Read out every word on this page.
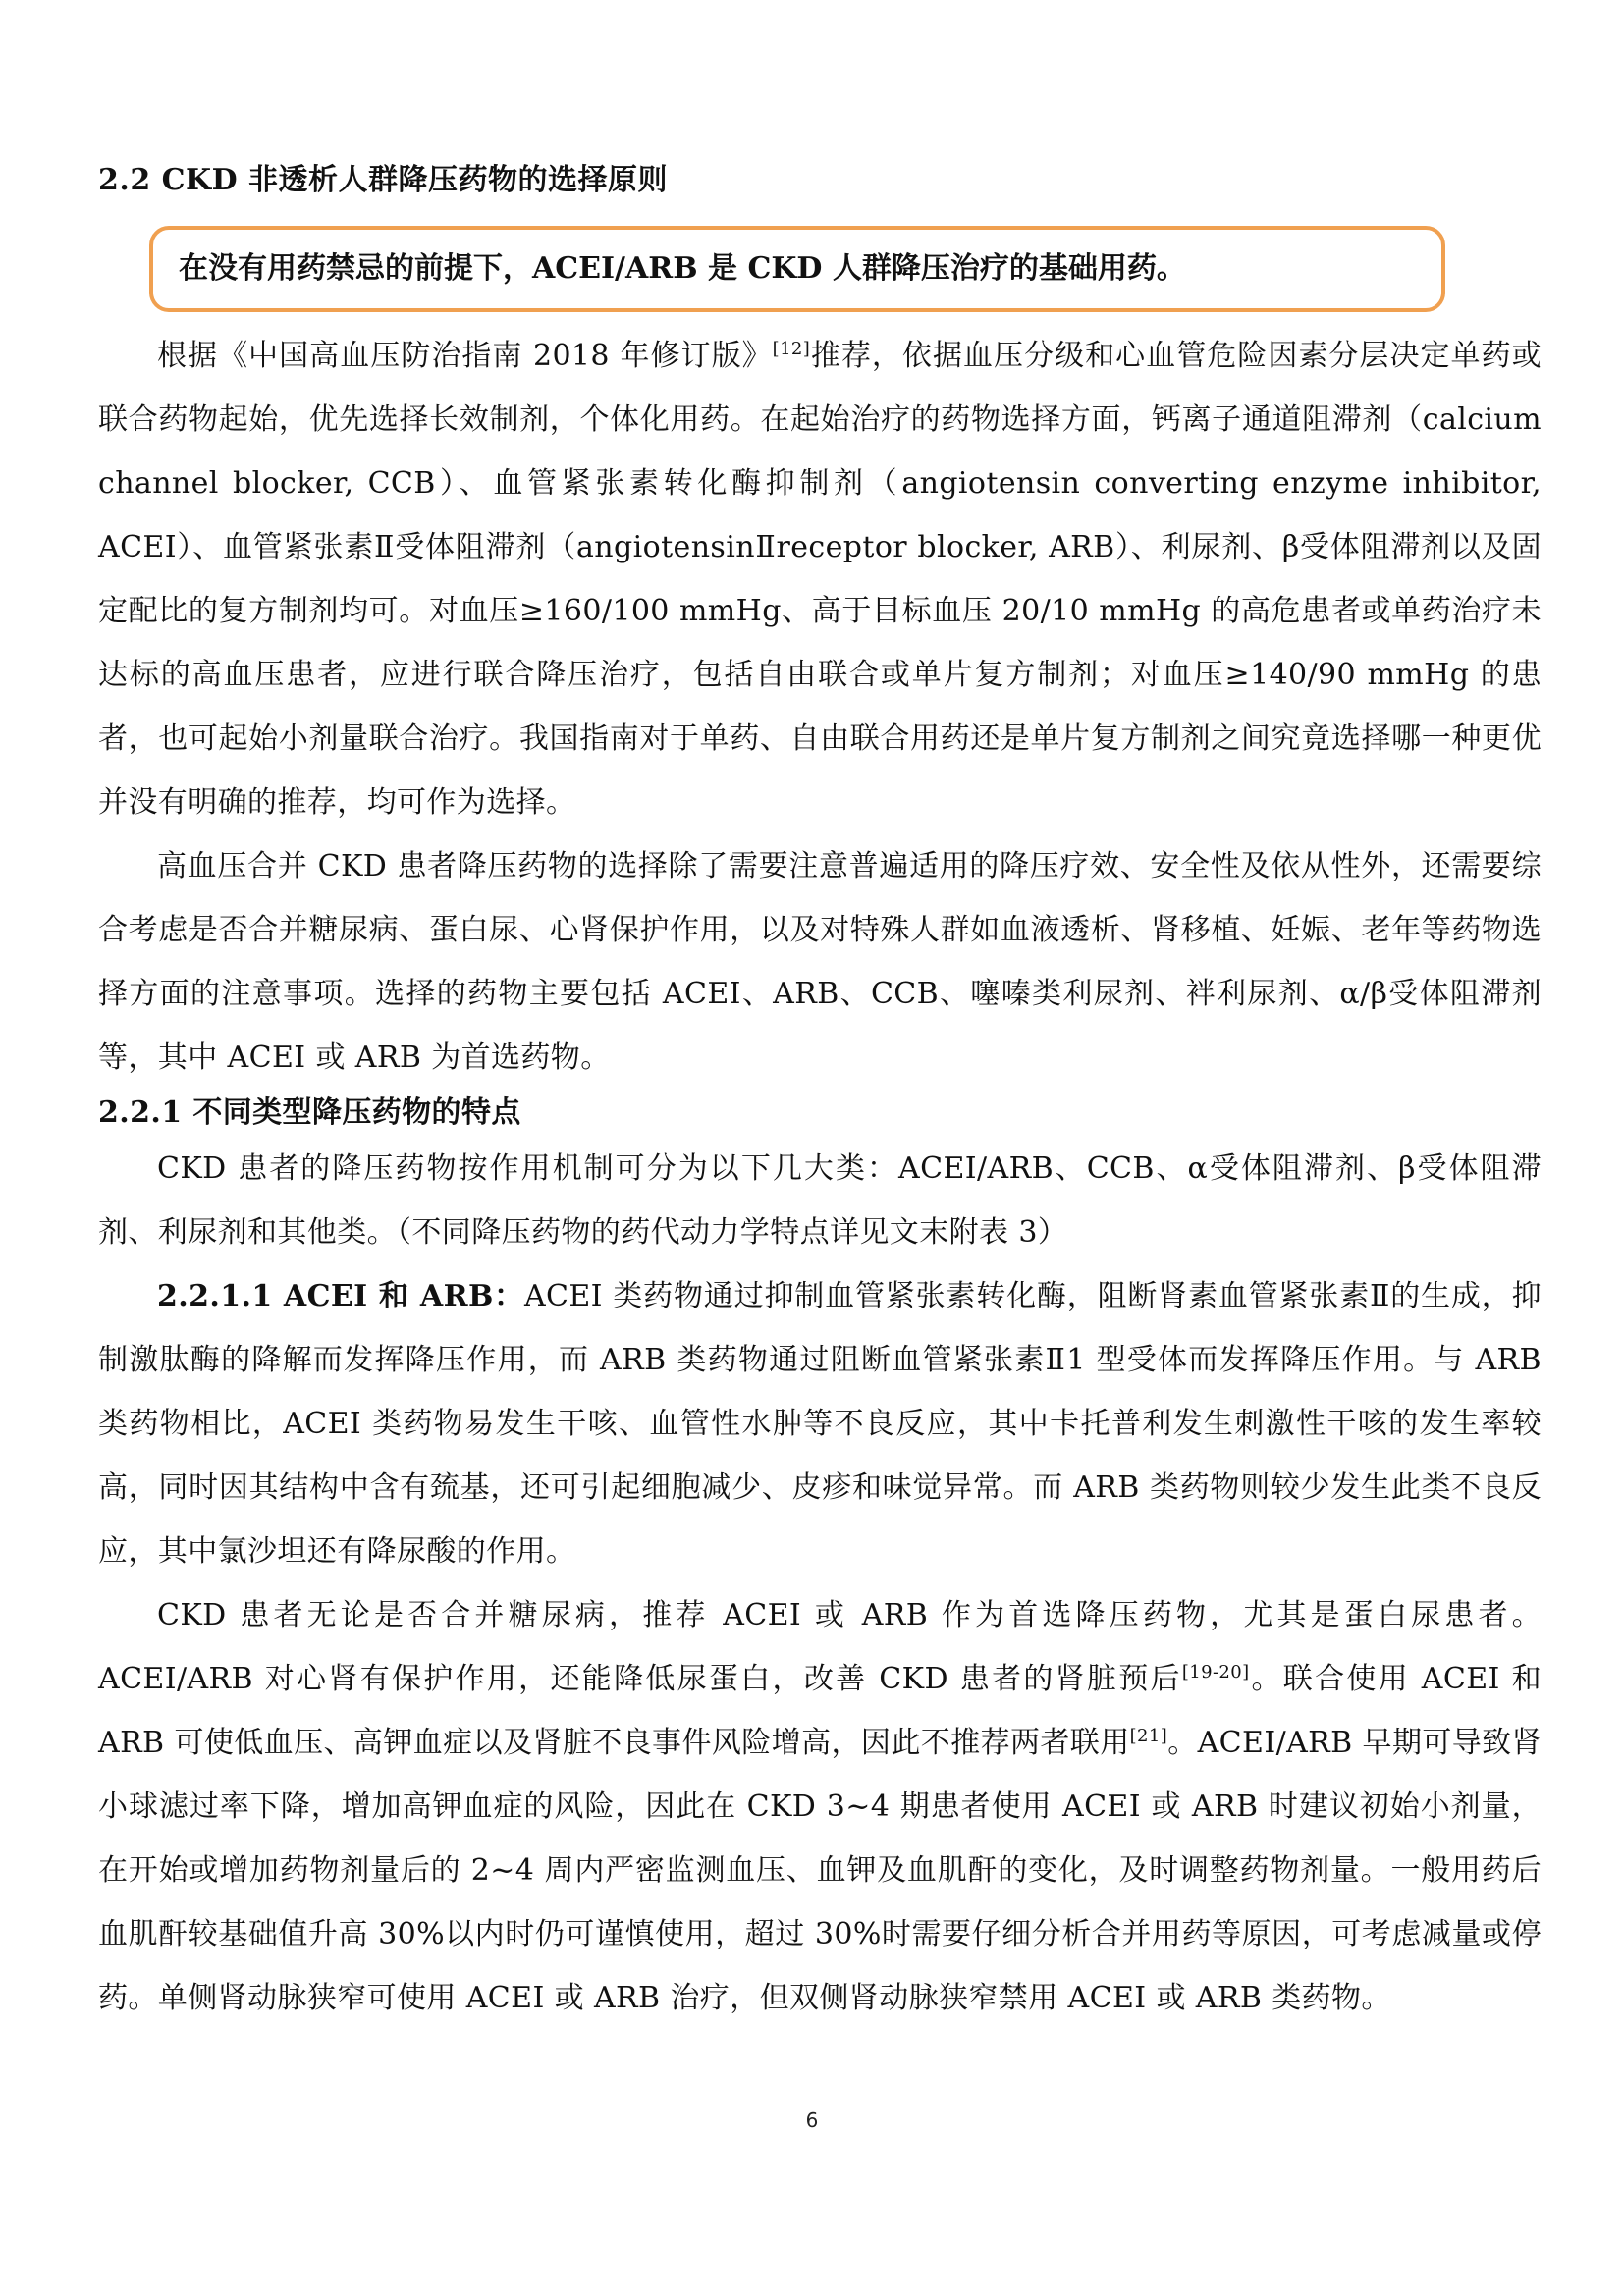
2.2 CKD 非透析人群降压药物的选择原则
在没有用药禁忌的前提下，ACEI/ARB 是 CKD 人群降压治疗的基础用药。

根据《中国高血压防治指南 2018 年修订版》[12]推荐，依据血压分级和心血管危险因素分层决定单药或联合药物起始，优先选择长效制剂，个体化用药。在起始治疗的药物选择方面，钙离子通道阻滞剂（calcium channel blocker, CCB）、血管紧张素转化酶抑制剂（angiotensin converting enzyme inhibitor, ACEI）、血管紧张素Ⅱ受体阻滞剂（angiotensinⅡreceptor blocker, ARB）、利尿剂、β受体阻滞剂以及固定配比的复方制剂均可。对血压≥160/100 mmHg、高于目标血压 20/10 mmHg 的高危患者或单药治疗未达标的高血压患者，应进行联合降压治疗，包括自由联合或单片复方制剂；对血压≥140/90 mmHg 的患者，也可起始小剂量联合治疗。我国指南对于单药、自由联合用药还是单片复方制剂之间究竟选择哪一种更优并没有明确的推荐，均可作为选择。

高血压合并 CKD 患者降压药物的选择除了需要注意普遍适用的降压疗效、安全性及依从性外，还需要综合考虑是否合并糖尿病、蛋白尿、心肾保护作用，以及对特殊人群如血液透析、肾移植、妊娠、老年等药物选择方面的注意事项。选择的药物主要包括 ACEI、ARB、CCB、噻嗪类利尿剂、袢利尿剂、α/β受体阻滞剂等，其中 ACEI 或 ARB 为首选药物。

2.2.1 不同类型降压药物的特点

CKD 患者的降压药物按作用机制可分为以下几大类：ACEI/ARB、CCB、α受体阻滞剂、β受体阻滞剂、利尿剂和其他类。（不同降压药物的药代动力学特点详见文末附表 3）

2.2.1.1 ACEI 和 ARB：ACEI 类药物通过抑制血管紧张素转化酶，阻断肾素血管紧张素Ⅱ的生成，抑制激肽酶的降解而发挥降压作用，而 ARB 类药物通过阻断血管紧张素Ⅱ1 型受体而发挥降压作用。与 ARB 类药物相比，ACEI 类药物易发生干咳、血管性水肿等不良反应，其中卡托普利发生刺激性干咳的发生率较高，同时因其结构中含有巯基，还可引起细胞减少、皮疹和味觉异常。而 ARB 类药物则较少发生此类不良反应，其中氯沙坦还有降尿酸的作用。

CKD 患者无论是否合并糖尿病，推荐 ACEI 或 ARB 作为首选降压药物，尤其是蛋白尿患者。ACEI/ARB 对心肾有保护作用，还能降低尿蛋白，改善 CKD 患者的肾脏预后[19-20]。联合使用 ACEI 和 ARB 可使低血压、高钾血症以及肾脏不良事件风险增高，因此不推荐两者联用[21]。ACEI/ARB 早期可导致肾小球滤过率下降，增加高钾血症的风险，因此在 CKD 3~4 期患者使用 ACEI 或 ARB 时建议初始小剂量，在开始或增加药物剂量后的 2~4 周内严密监测血压、血钾及血肌酐的变化，及时调整药物剂量。一般用药后血肌酐较基础值升高 30%以内时仍可谨慎使用，超过 30%时需要仔细分析合并用药等原因，可考虑减量或停药。单侧肾动脉狭窄可使用 ACEI 或 ARB 治疗，但双侧肾动脉狭窄禁用 ACEI 或 ARB 类药物。

6
